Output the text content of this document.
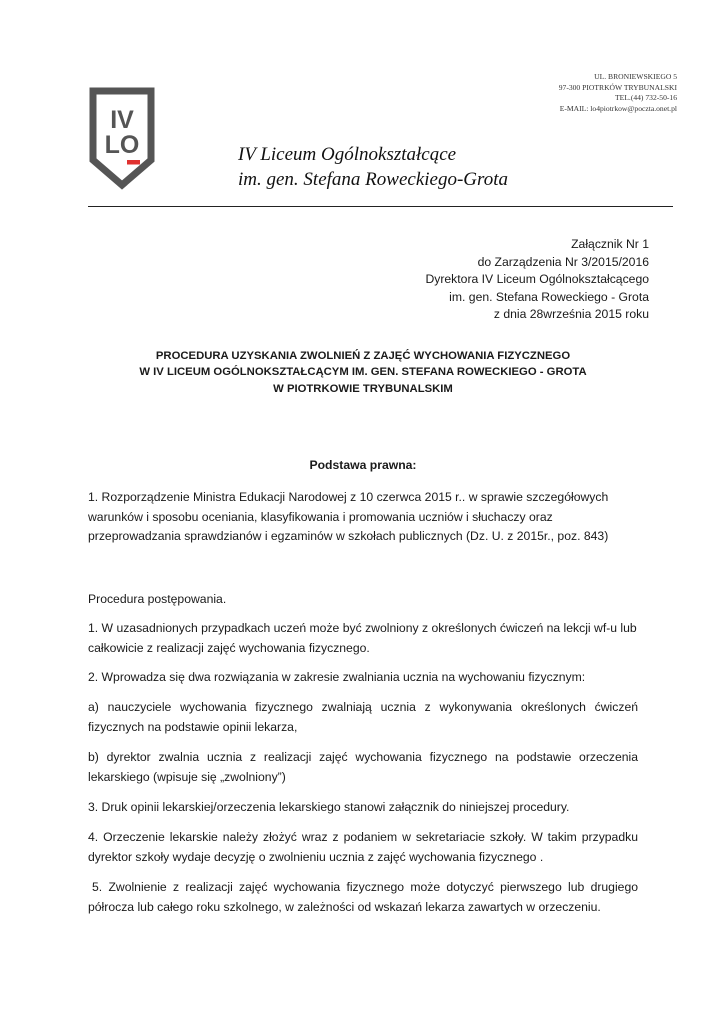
UL. BRONIEWSKIEGO 5
97-300 PIOTRKÓW TRYBUNALSKI
TEL.(44) 732-50-16
E-MAIL: lo4piotrkow@poczta.onet.pl
IV
LO	IV Liceum Ogólnokształcące
im. gen. Stefana Roweckiego-Grota
Załącznik Nr 1
do Zarządzenia Nr 3/2015/2016
Dyrektora IV Liceum Ogólnokształcącego
im. gen. Stefana Roweckiego - Grota
z dnia 28września 2015 roku
PROCEDURA UZYSKANIA ZWOLNIEŃ Z ZAJĘĆ WYCHOWANIA FIZYCZNEGO
W IV LICEUM OGÓLNOKSZTAŁCĄCYM IM. GEN. STEFANA ROWECKIEGO - GROTA
W PIOTRKOWIE TRYBUNALSKIM
Podstawa prawna:

1. Rozporządzenie Ministra Edukacji Narodowej z 10 czerwca 2015 r.. w sprawie szczegółowych warunków i sposobu oceniania, klasyfikowania i promowania uczniów i słuchaczy oraz przeprowadzania sprawdzianów i egzaminów w szkołach publicznych (Dz. U. z 2015r., poz. 843)

Procedura postępowania.

1. W uzasadnionych przypadkach uczeń może być zwolniony z określonych ćwiczeń na lekcji wf-u lub całkowicie z realizacji zajęć wychowania fizycznego.

2. Wprowadza się dwa rozwiązania w zakresie zwalniania ucznia na wychowaniu fizycznym:

a) nauczyciele wychowania fizycznego zwalniają ucznia z wykonywania określonych ćwiczeń fizycznych na podstawie opinii lekarza,

b) dyrektor zwalnia ucznia z realizacji zajęć wychowania fizycznego na podstawie orzeczenia lekarskiego (wpisuje się „zwolniony”)

3. Druk opinii lekarskiej/orzeczenia lekarskiego stanowi załącznik do niniejszej procedury.

4. Orzeczenie lekarskie należy złożyć wraz z podaniem w sekretariacie szkoły. W takim przypadku dyrektor szkoły wydaje decyzję o zwolnieniu ucznia z zajęć wychowania fizycznego .

5. Zwolnienie z realizacji zajęć wychowania fizycznego może dotyczyć pierwszego lub drugiego półrocza lub całego roku szkolnego, w zależności od wskazań lekarza zawartych w orzeczeniu.
